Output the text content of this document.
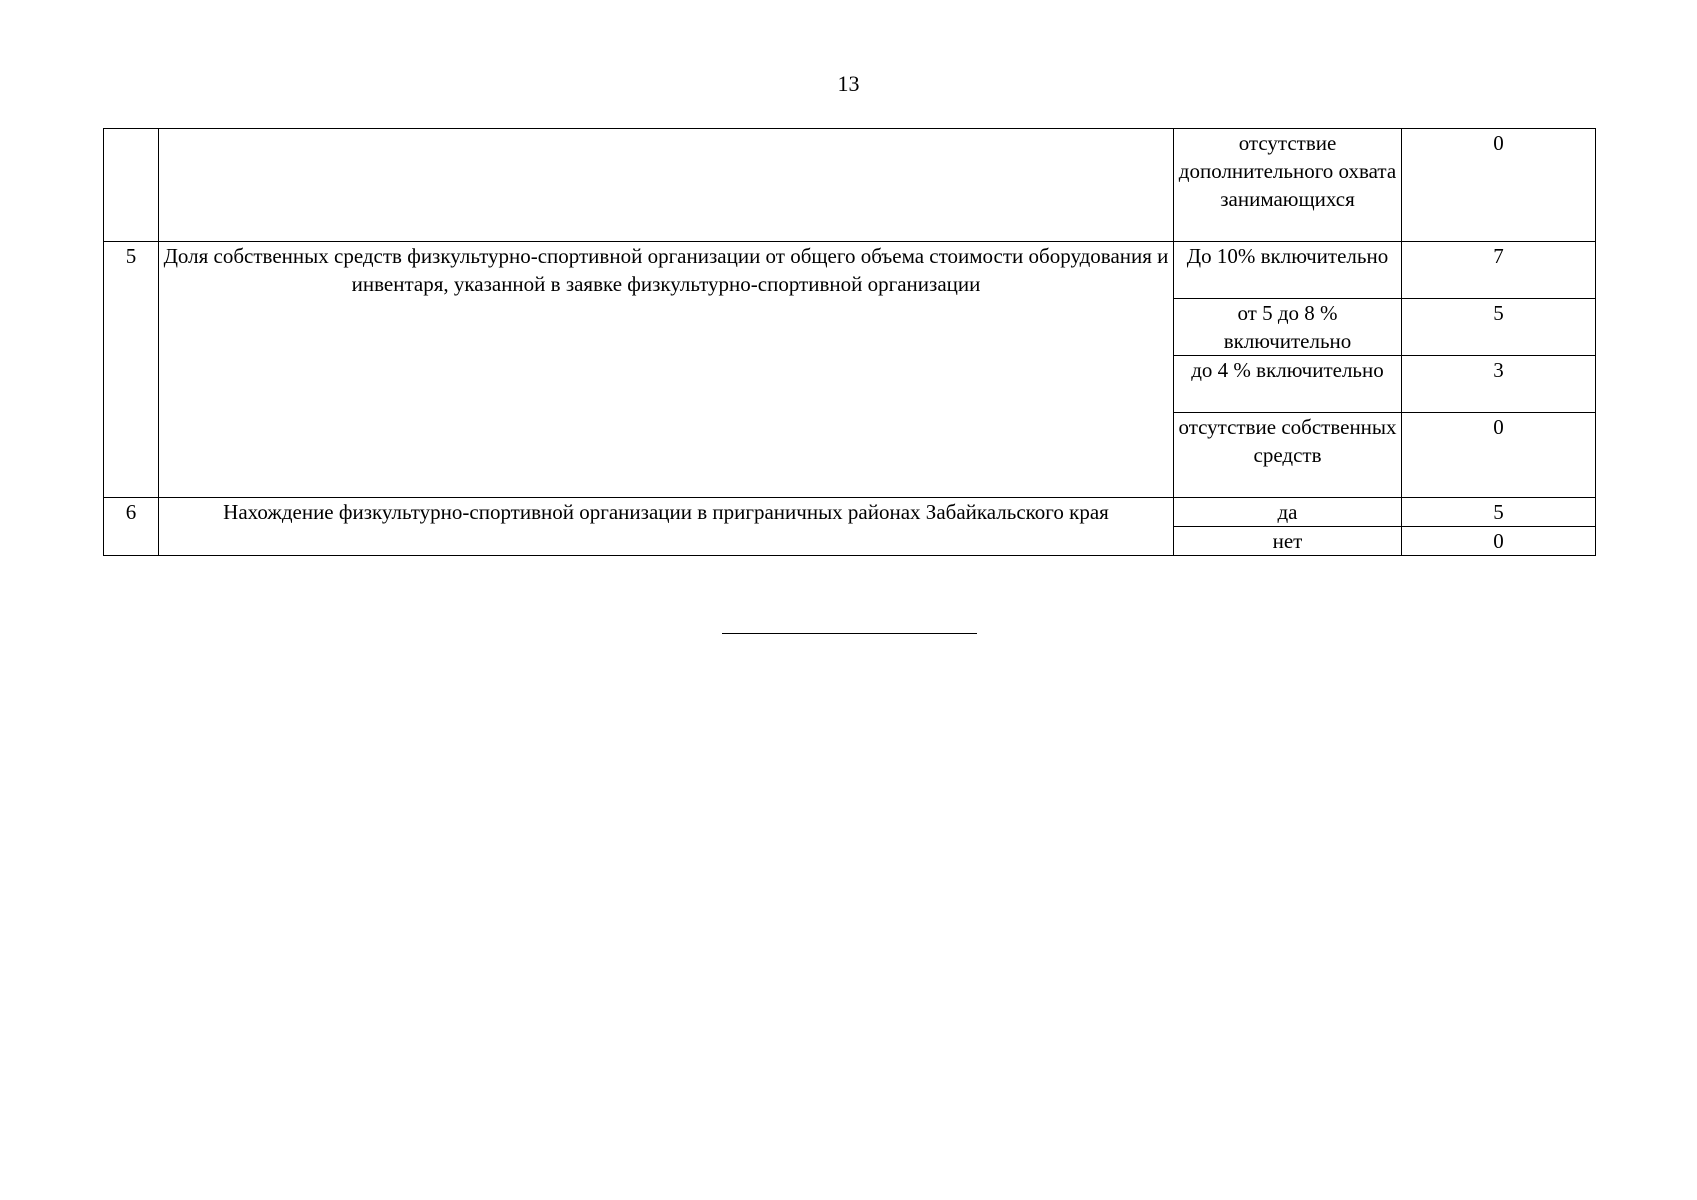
13
		отсутствие дополнительного охвата занимающихся	0
5	Доля собственных средств физкультурно-спортивной организации от общего объема стоимости оборудования и инвентаря, указанной в заявке физкультурно-спортивной организации	До 10% включительно	7
		от 5 до 8 % включительно	5
		до 4 % включительно	3
		отсутствие собственных средств	0
6	Нахождение физкультурно-спортивной организации в приграничных районах Забайкальского края	да	5
		нет	0
